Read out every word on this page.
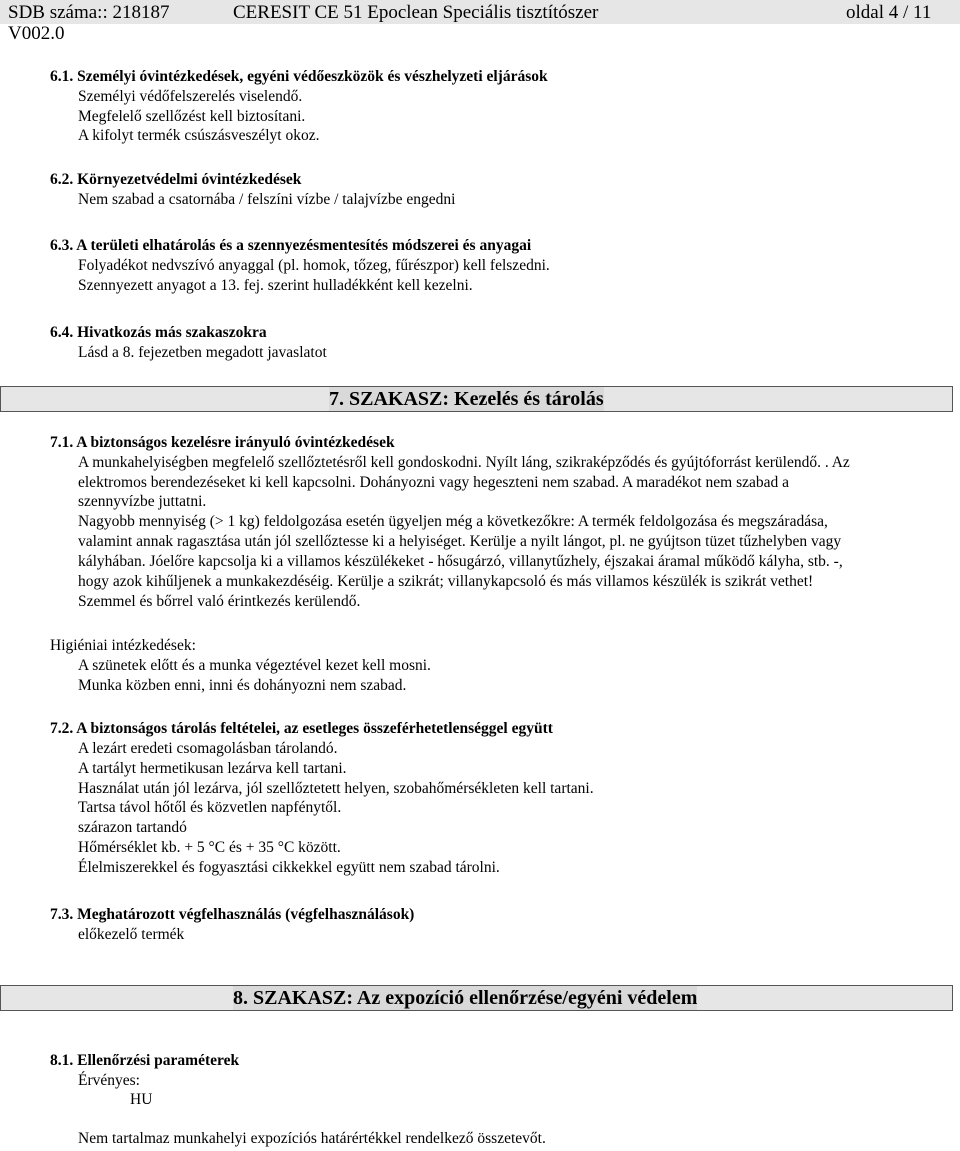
SDB száma:: 218187	CERESIT CE 51 Epoclean Speciális tisztítószer	oldal 4 / 11
V002.0
6.1. Személyi óvintézkedések, egyéni védőeszközök és vészhelyzeti eljárások
Személyi védőfelszerelés viselendő.
Megfelelő szellőzést kell biztosítani.
A kifolyt termék csúszásveszélyt okoz.
6.2. Környezetvédelmi óvintézkedések
Nem szabad a csatornába / felszíni vízbe / talajvízbe engedni
6.3. A területi elhatárolás és a szennyezésmentesítés módszerei és anyagai
Folyadékot nedvszívó anyaggal (pl. homok, tőzeg, fűrészpor) kell felszedni.
Szennyezett anyagot a 13. fej. szerint hulladékként kell kezelni.
6.4. Hivatkozás más szakaszokra
Lásd a 8. fejezetben megadott javaslatot
7. SZAKASZ: Kezelés és tárolás
7.1. A biztonságos kezelésre irányuló óvintézkedések
A munkahelyiségben megfelelő szellőztetésről kell gondoskodni. Nyílt láng, szikraképződés és gyújtóforrást kerülendő. . Az
elektromos berendezéseket ki kell kapcsolni. Dohányozni vagy hegeszteni nem szabad. A maradékot nem szabad a
szennyvízbe juttatni.
Nagyobb mennyiség (> 1 kg) feldolgozása esetén ügyeljen még a következőkre: A termék feldolgozása és megszáradása,
valamint annak ragasztása után jól szellőztesse ki a helyiséget. Kerülje a nyilt lángot, pl. ne gyújtson tüzet tűzhelyben vagy
kályhában. Jóelőre kapcsolja ki a villamos készülékeket - hősugárzó, villanytűzhely, éjszakai áramal működő kályha, stb. -,
hogy azok kihűljenek a munkakezdéséig. Kerülje a szikrát; villanykapcsoló és más villamos készülék is szikrát vethet!
Szemmel és bőrrel való érintkezés kerülendő.
Higiéniai intézkedések:
A szünetek előtt és a munka végeztével kezet kell mosni.
Munka közben enni, inni és dohányozni nem szabad.
7.2. A biztonságos tárolás feltételei, az esetleges összeférhetetlenséggel együtt
A lezárt eredeti csomagolásban tárolandó.
A tartályt hermetikusan lezárva kell tartani.
Használat után jól lezárva, jól szellőztetett helyen, szobahőmérsékleten kell tartani.
Tartsa távol hőtől és közvetlen napfénytől.
szárazon tartandó
Hőmérséklet kb. + 5 °C és + 35 °C között.
Élelmiszerekkel és fogyasztási cikkekkel együtt nem szabad tárolni.
7.3. Meghatározott végfelhasználás (végfelhasználások)
előkezelő termék
8. SZAKASZ: Az expozíció ellenőrzése/egyéni védelem
8.1. Ellenőrzési paraméterek
Érvényes:
HU
Nem tartalmaz munkahelyi expozíciós határértékkel rendelkező összetevőt.
